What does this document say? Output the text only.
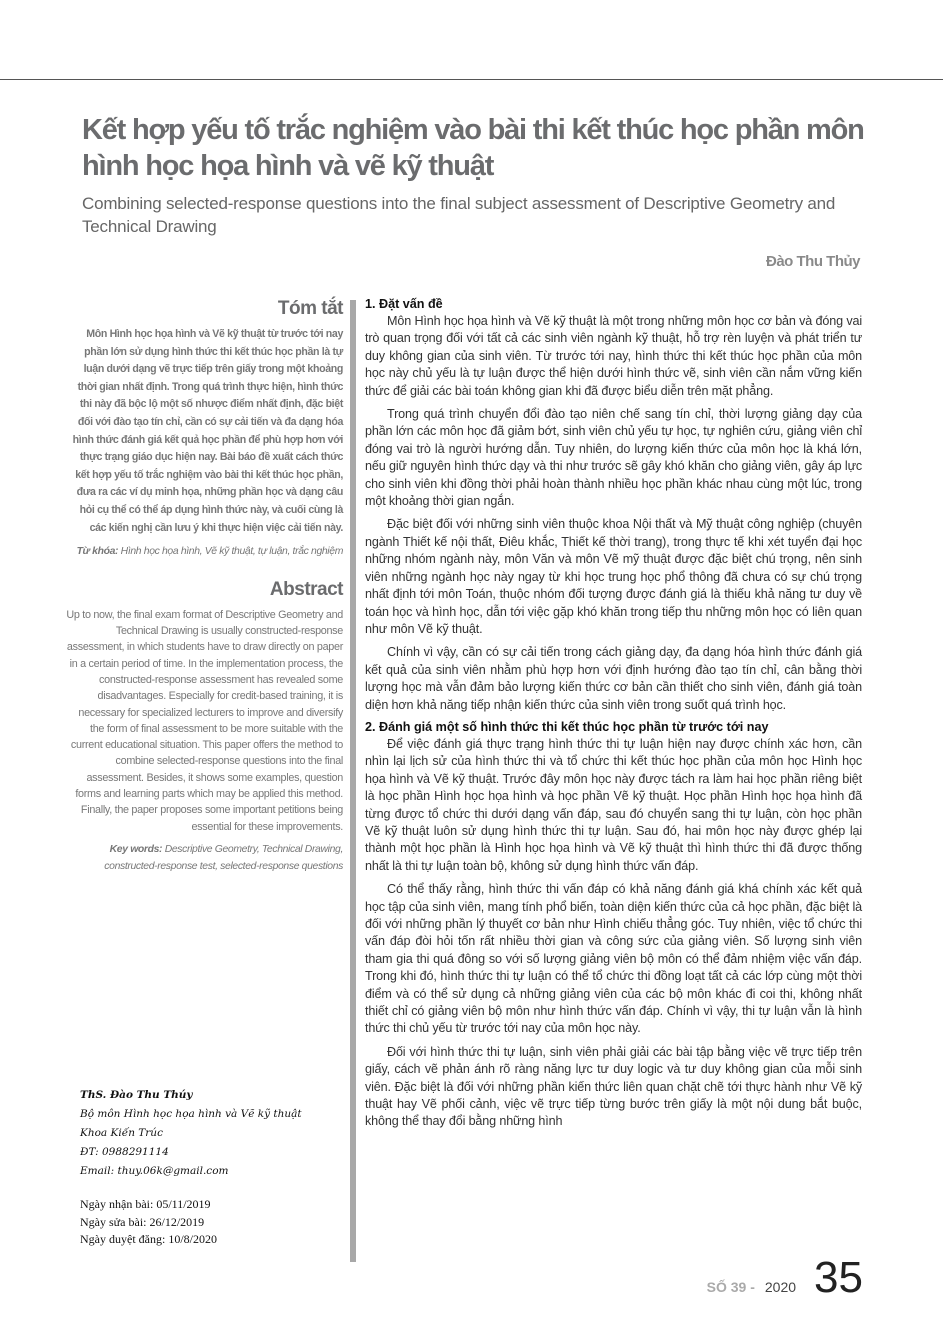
Kết hợp yếu tố trắc nghiệm vào bài thi kết thúc học phần môn hình học họa hình và vẽ kỹ thuật

Combining selected-response questions into the final subject assessment of Descriptive Geometry and Technical Drawing

Đào Thu Thủy
Tóm tắt

Môn Hình học họa hình và Vẽ kỹ thuật từ trước tới nay phần lớn sử dụng hình thức thi kết thúc học phần là tự luận dưới dạng vẽ trực tiếp trên giấy trong một khoảng thời gian nhất định. Trong quá trình thực hiện, hình thức thi này đã bộc lộ một số nhược điểm nhất định, đặc biệt đối với đào tạo tín chỉ, cần có sự cải tiến và đa dạng hóa hình thức đánh giá kết quả học phần để phù hợp hơn với thực trạng giáo dục hiện nay. Bài báo đề xuất cách thức kết hợp yếu tố trắc nghiệm vào bài thi kết thúc học phần, đưa ra các ví dụ minh họa, những phần học và dạng câu hỏi cụ thể có thể áp dụng hình thức này, và cuối cùng là các kiến nghị cần lưu ý khi thực hiện việc cải tiến này.

Từ khóa: Hình học họa hình, Vẽ kỹ thuật, tự luận, trắc nghiệm

Abstract

Up to now, the final exam format of Descriptive Geometry and Technical Drawing is usually constructed-response assessment, in which students have to draw directly on paper in a certain period of time. In the implementation process, the constructed-response assessment has revealed some disadvantages. Especially for credit-based training, it is necessary for specialized lecturers to improve and diversify the form of final assessment to be more suitable with the current educational situation. This paper offers the method to combine selected-response questions into the final assessment. Besides, it shows some examples, question forms and learning parts which may be applied this method. Finally, the paper proposes some important petitions being essential for these improvements.

Key words: Descriptive Geometry, Technical Drawing, constructed-response test, selected-response questions

ThS. Đào Thu Thúy
Bộ môn Hình học họa hình và Vẽ kỹ thuật
Khoa Kiến Trúc
ĐT: 0988291114
Email: thuy.06k@gmail.com
Ngày nhận bài: 05/11/2019
Ngày sửa bài: 26/12/2019
Ngày duyệt đăng: 10/8/2020
1. Đặt vấn đề

Môn Hình học họa hình và Vẽ kỹ thuật là một trong những môn học cơ bản và đóng vai trò quan trọng đối với tất cả các sinh viên ngành kỹ thuật, hỗ trợ rèn luyện và phát triển tư duy không gian của sinh viên. Từ trước tới nay, hình thức thi kết thúc học phần của môn học này chủ yếu là tự luận được thể hiện dưới hình thức vẽ, sinh viên cần nắm vững kiến thức để giải các bài toán không gian khi đã được biểu diễn trên mặt phẳng.

Trong quá trình chuyển đổi đào tạo niên chế sang tín chỉ, thời lượng giảng dạy của phần lớn các môn học đã giảm bớt, sinh viên chủ yếu tự học, tự nghiên cứu, giảng viên chỉ đóng vai trò là người hướng dẫn. Tuy nhiên, do lượng kiến thức của môn học là khá lớn, nếu giữ nguyên hình thức dạy và thi như trước sẽ gây khó khăn cho giảng viên, gây áp lực cho sinh viên khi đồng thời phải hoàn thành nhiều học phần khác nhau cùng một lúc, trong một khoảng thời gian ngắn.

Đặc biệt đối với những sinh viên thuộc khoa Nội thất và Mỹ thuật công nghiệp (chuyên ngành Thiết kế nội thất, Điêu khắc, Thiết kế thời trang), trong thực tế khi xét tuyển đại học những nhóm ngành này, môn Văn và môn Vẽ mỹ thuật được đặc biệt chú trọng, nên sinh viên những ngành học này ngay từ khi học trung học phổ thông đã chưa có sự chú trọng nhất định tới môn Toán, thuộc nhóm đối tượng được đánh giá là thiếu khả năng tư duy về toán học và hình học, dẫn tới việc gặp khó khăn trong tiếp thu những môn học có liên quan như môn Vẽ kỹ thuật.

Chính vì vậy, cần có sự cải tiến trong cách giảng dạy, đa dạng hóa hình thức đánh giá kết quả của sinh viên nhằm phù hợp hơn với định hướng đào tạo tín chỉ, cân bằng thời lượng học mà vẫn đảm bảo lượng kiến thức cơ bản cần thiết cho sinh viên, đánh giá toàn diện hơn khả năng tiếp nhận kiến thức của sinh viên trong suốt quá trình học.

2. Đánh giá một số hình thức thi kết thúc học phần từ trước tới nay

Để việc đánh giá thực trạng hình thức thi tự luận hiện nay được chính xác hơn, cần nhìn lại lịch sử của hình thức thi và tổ chức thi kết thúc học phần của môn học Hình học họa hình và Vẽ kỹ thuật. Trước đây môn học này được tách ra làm hai học phần riêng biệt là học phần Hình học họa hình và học phần Vẽ kỹ thuật. Học phần Hình học họa hình đã từng được tổ chức thi dưới dạng vấn đáp, sau đó chuyển sang thi tự luận, còn học phần Vẽ kỹ thuật luôn sử dụng hình thức thi tự luận. Sau đó, hai môn học này được ghép lại thành một học phần là Hình học họa hình và Vẽ kỹ thuật thì hình thức thi đã được thống nhất là thi tự luận toàn bộ, không sử dụng hình thức vấn đáp.

Có thể thấy rằng, hình thức thi vấn đáp có khả năng đánh giá khá chính xác kết quả học tập của sinh viên, mang tính phổ biến, toàn diện kiến thức của cả học phần, đặc biệt là đối với những phần lý thuyết cơ bản như Hình chiếu thẳng góc. Tuy nhiên, việc tổ chức thi vấn đáp đòi hỏi tốn rất nhiều thời gian và công sức của giảng viên. Số lượng sinh viên tham gia thi quá đông so với số lượng giảng viên bộ môn có thể đảm nhiệm việc vấn đáp. Trong khi đó, hình thức thi tự luận có thể tổ chức thi đồng loạt tất cả các lớp cùng một thời điểm và có thể sử dụng cả những giảng viên của các bộ môn khác đi coi thi, không nhất thiết chỉ có giảng viên bộ môn như hình thức vấn đáp. Chính vì vậy, thi tự luận vẫn là hình thức thi chủ yếu từ trước tới nay của môn học này.

Đối với hình thức thi tự luận, sinh viên phải giải các bài tập bằng việc vẽ trực tiếp trên giấy, cách vẽ phản ánh rõ ràng năng lực tư duy logic và tư duy không gian của mỗi sinh viên. Đặc biệt là đối với những phần kiến thức liên quan chặt chẽ tới thực hành như Vẽ kỹ thuật hay Vẽ phối cảnh, việc vẽ trực tiếp từng bước trên giấy là một nội dung bắt buộc, không thể thay đổi bằng những hình

SỐ 39 - 2020 35
